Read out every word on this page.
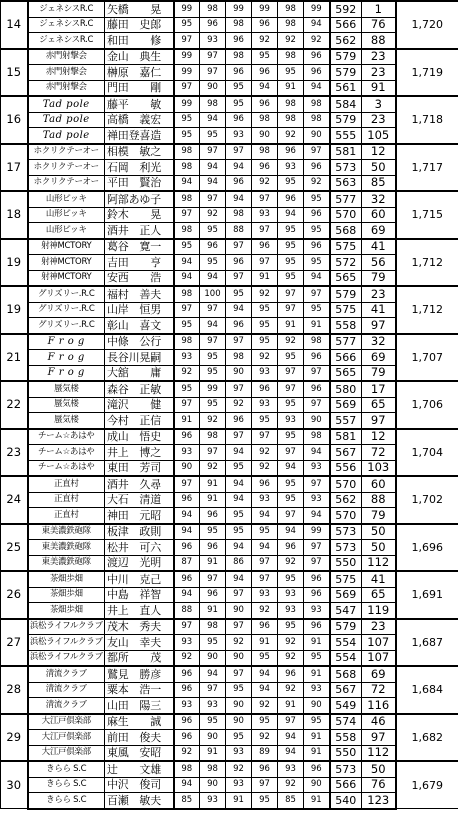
14	ジェネシスR.C	矢橋　　晃	99	98	99	99	98	99	592	1	1,720
	ジェネシスR.C	藤田　史郎	95	96	98	96	98	94	566	76	
	ジェネシスR.C	和田　　修	97	93	96	92	92	92	562	88	
15	赤門射撃会	金山　典生	99	97	98	95	98	96	579	23	1,719
	赤門射撃会	榊原　嘉仁	99	97	96	96	95	96	579	23	
	赤門射撃会	門田　　剛	97	90	95	94	91	94	561	91	
16	Tad pole	藤平　　敏	99	98	95	96	98	98	584	3	1,718
	Tad pole	高橋　義宏	95	94	96	98	98	98	579	23	
	Tad pole	禅田登喜造	95	95	93	90	92	90	555	105	
17	ホクリクテーオー	相模　敏之	98	97	97	98	96	97	581	12	1,717
	ホクリクテーオー	石岡　利光	98	94	94	96	93	96	573	50	
	ホクリクテーオー	平田　賢治	94	94	96	92	95	92	563	85	
18	山形ピッキ	阿部あゆ子	98	97	94	97	96	95	577	32	1,715
	山形ピッキ	鈴木　　晃	97	92	98	93	94	96	570	60	
	山形ピッキ	酒井　正人	98	95	88	97	95	95	568	69	
19	射神MCTORY	葛谷　寛一	95	96	97	96	95	96	575	41	1,712
	射神MCTORY	吉田　　亨	94	95	96	97	95	95	572	56	
	射神MCTORY	安西　　浩	94	94	97	91	95	94	565	79	
19	グリズリー.R.C	福村　善夫	98	100	95	92	97	97	579	23	1,712
	グリズリー.R.C	山岸　恒男	97	97	94	95	97	95	575	41	
	グリズリー.R.C	彰山　喜文	95	94	96	95	91	91	558	97	
21	F r o g	中條　公行	98	97	97	95	92	98	577	32	1,707
	F r o g	長谷川晃嗣	93	95	98	92	95	96	566	69	
	F r o g	大舘　　庸	92	95	90	93	97	97	565	79	
22	蜃気楼	森谷　正敏	95	99	97	96	97	96	580	17	1,706
	蜃気楼	滝沢　　健	97	95	92	93	95	97	569	65	
	蜃気楼	今村　正信	91	92	96	95	93	90	557	97	
23	チーム☆あはや	成山　悟史	96	98	97	97	95	98	581	12	1,704
	チーム☆あはや	井上　博之	93	97	94	92	97	94	567	72	
	チーム☆あはや	東田　芳司	90	92	95	92	94	93	556	103	
24	正直村	酒井　久尋	97	91	94	96	95	97	570	60	1,702
	正直村	大石　清道	96	91	94	93	95	93	562	88	
	正直村	神田　元昭	94	96	95	94	97	94	570	79	
25	東美濃鉄砲隊	板津　政則	94	95	95	95	94	99	573	50	1,696
	東美濃鉄砲隊	松井　可六	96	96	94	94	96	97	573	50	
	東美濃鉄砲隊	渡辺　光明	87	91	86	97	92	97	550	112	
26	茶畑歩畑	中川　克己	96	97	94	97	95	96	575	41	1,691
	茶畑歩畑	中島　祥智	94	96	97	93	93	96	569	65	
	茶畑歩畑	井上　直人	88	91	90	92	93	93	547	119	
27	浜松ライフルクラブ	茂木　秀夫	97	98	97	96	95	96	579	23	1,687
	浜松ライフルクラブ	友山　幸夫	93	95	92	91	92	91	554	107	
	浜松ライフルクラブ	都所　　茂	92	90	90	95	92	95	554	107	
28	清流クラブ	鷲見　勝彦	96	94	97	94	96	91	568	69	1,684
	清流クラブ	粟本　浩一	96	97	95	94	92	93	567	72	
	清流クラブ	山田　陽三	93	93	90	92	91	90	549	116	
29	大江戸倶楽部	麻生　　誠	96	95	90	95	97	95	574	46	1,682
	大江戸倶楽部	前田　俊夫	96	90	95	92	94	91	558	97	
	大江戸倶楽部	東風　安昭	92	91	93	89	94	91	550	112	
30	きらら S.C	辻　　文雄	98	98	92	96	93	96	573	50	1,679
	きらら S.C	中沢　俊司	94	90	93	97	92	90	566	76	
	きらら S.C	百瀬　敏夫	85	93	91	95	85	91	540	123	
